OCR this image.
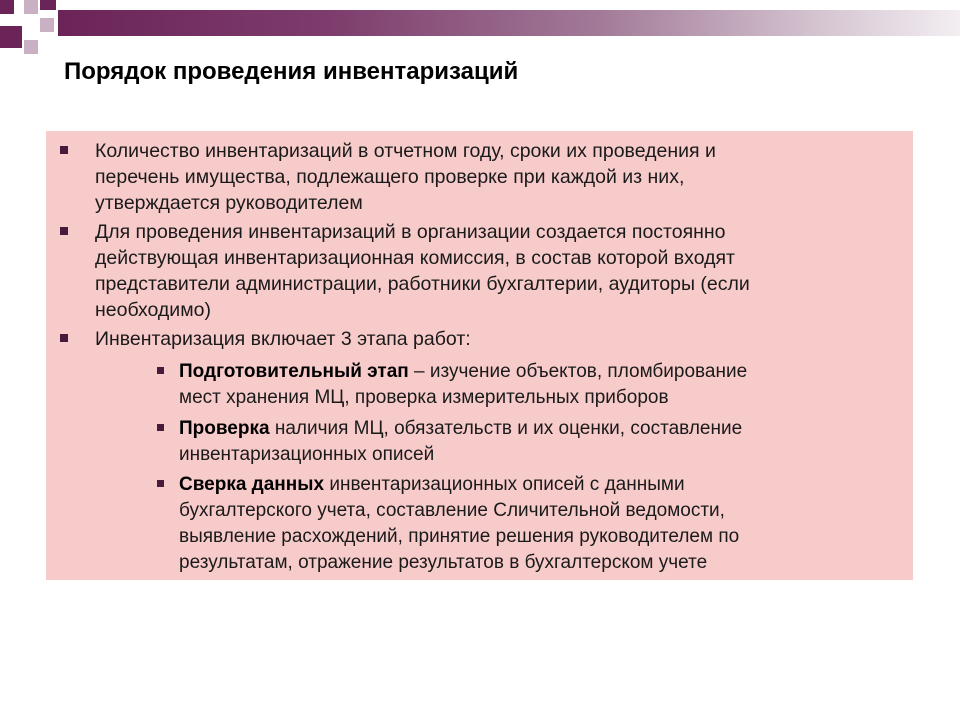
Порядок проведения инвентаризаций
Количество инвентаризаций в отчетном году, сроки их проведения и
перечень имущества, подлежащего проверке при каждой из них,
утверждается руководителем
Для проведения инвентаризаций в организации создается постоянно
действующая инвентаризационная комиссия, в состав которой входят
представители администрации, работники бухгалтерии, аудиторы (если
необходимо)
Инвентаризация включает 3 этапа работ:
Подготовительный этап – изучение объектов, пломбирование
мест хранения МЦ, проверка измерительных приборов
Проверка наличия МЦ, обязательств и их оценки, составление
инвентаризационных описей
Сверка данных инвентаризационных описей с данными
бухгалтерского учета, составление Сличительной ведомости,
выявление расхождений, принятие решения руководителем по
результатам, отражение результатов в бухгалтерском учете
